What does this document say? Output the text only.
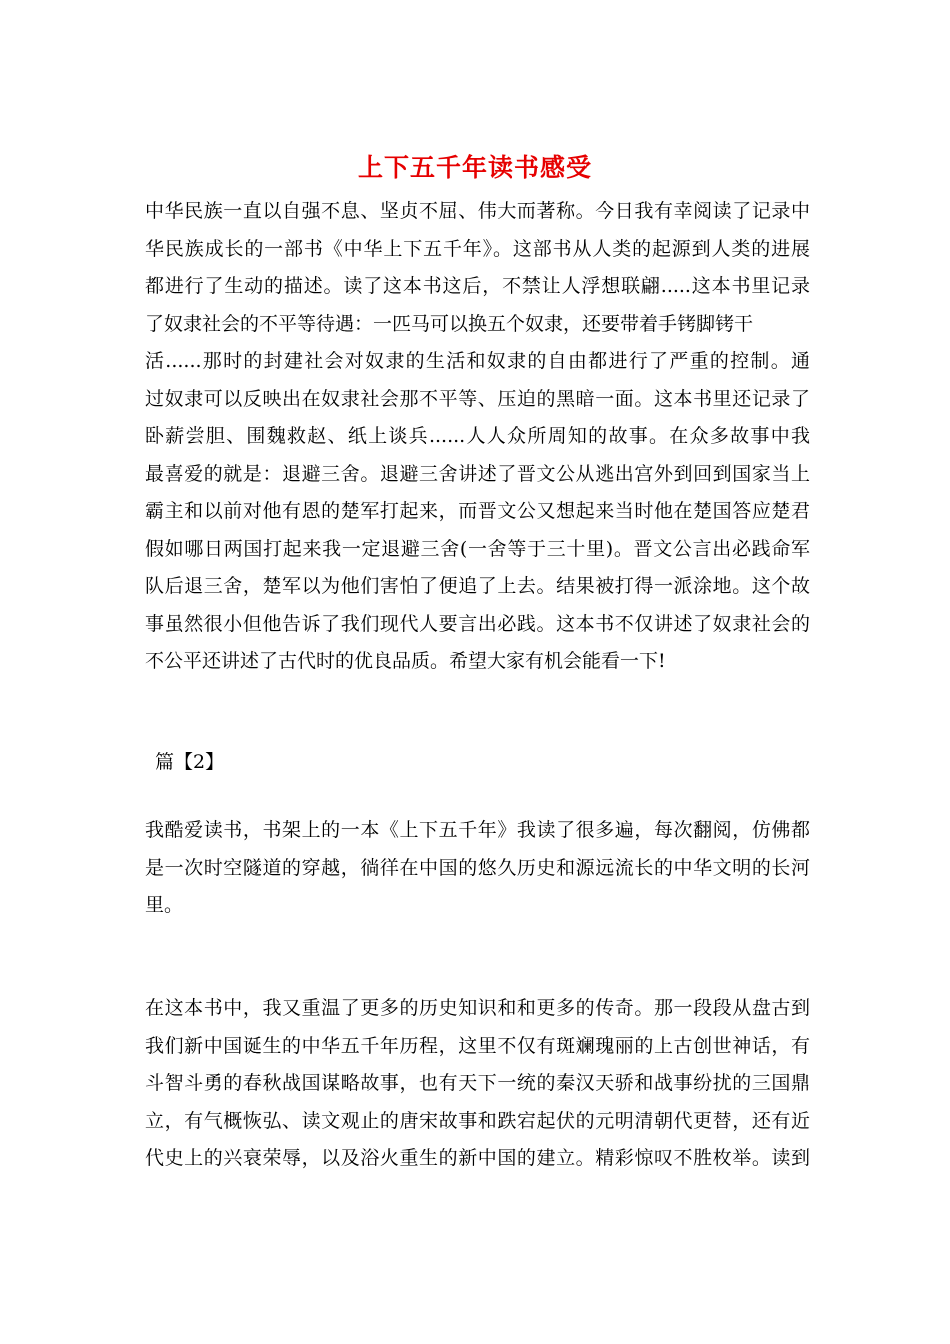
上下五千年读书感受
中华民族一直以自强不息、坚贞不屈、伟大而著称。今日我有幸阅读了记录中
华民族成长的一部书《中华上下五千年》。这部书从人类的起源到人类的进展
都进行了生动的描述。读了这本书这后，不禁让人浮想联翩.....这本书里记录
了奴隶社会的不平等待遇：一匹马可以换五个奴隶，还要带着手铐脚铐干
活......那时的封建社会对奴隶的生活和奴隶的自由都进行了严重的控制。通
过奴隶可以反映出在奴隶社会那不平等、压迫的黑暗一面。这本书里还记录了
卧薪尝胆、围魏救赵、纸上谈兵......人人众所周知的故事。在众多故事中我
最喜爱的就是：退避三舍。退避三舍讲述了晋文公从逃出宫外到回到国家当上
霸主和以前对他有恩的楚军打起来，而晋文公又想起来当时他在楚国答应楚君
假如哪日两国打起来我一定退避三舍(一舍等于三十里)。晋文公言出必践命军
队后退三舍，楚军以为他们害怕了便追了上去。结果被打得一派涂地。这个故
事虽然很小但他告诉了我们现代人要言出必践。这本书不仅讲述了奴隶社会的
不公平还讲述了古代时的优良品质。希望大家有机会能看一下!
篇【2】
我酷爱读书，书架上的一本《上下五千年》我读了很多遍，每次翻阅，仿佛都
是一次时空隧道的穿越，徜徉在中国的悠久历史和源远流长的中华文明的长河
里。
在这本书中，我又重温了更多的历史知识和和更多的传奇。那一段段从盘古到
我们新中国诞生的中华五千年历程，这里不仅有斑斓瑰丽的上古创世神话，有
斗智斗勇的春秋战国谋略故事，也有天下一统的秦汉天骄和战事纷扰的三国鼎
立，有气概恢弘、读文观止的唐宋故事和跌宕起伏的元明清朝代更替，还有近
代史上的兴衰荣辱，以及浴火重生的新中国的建立。精彩惊叹不胜枚举。读到
